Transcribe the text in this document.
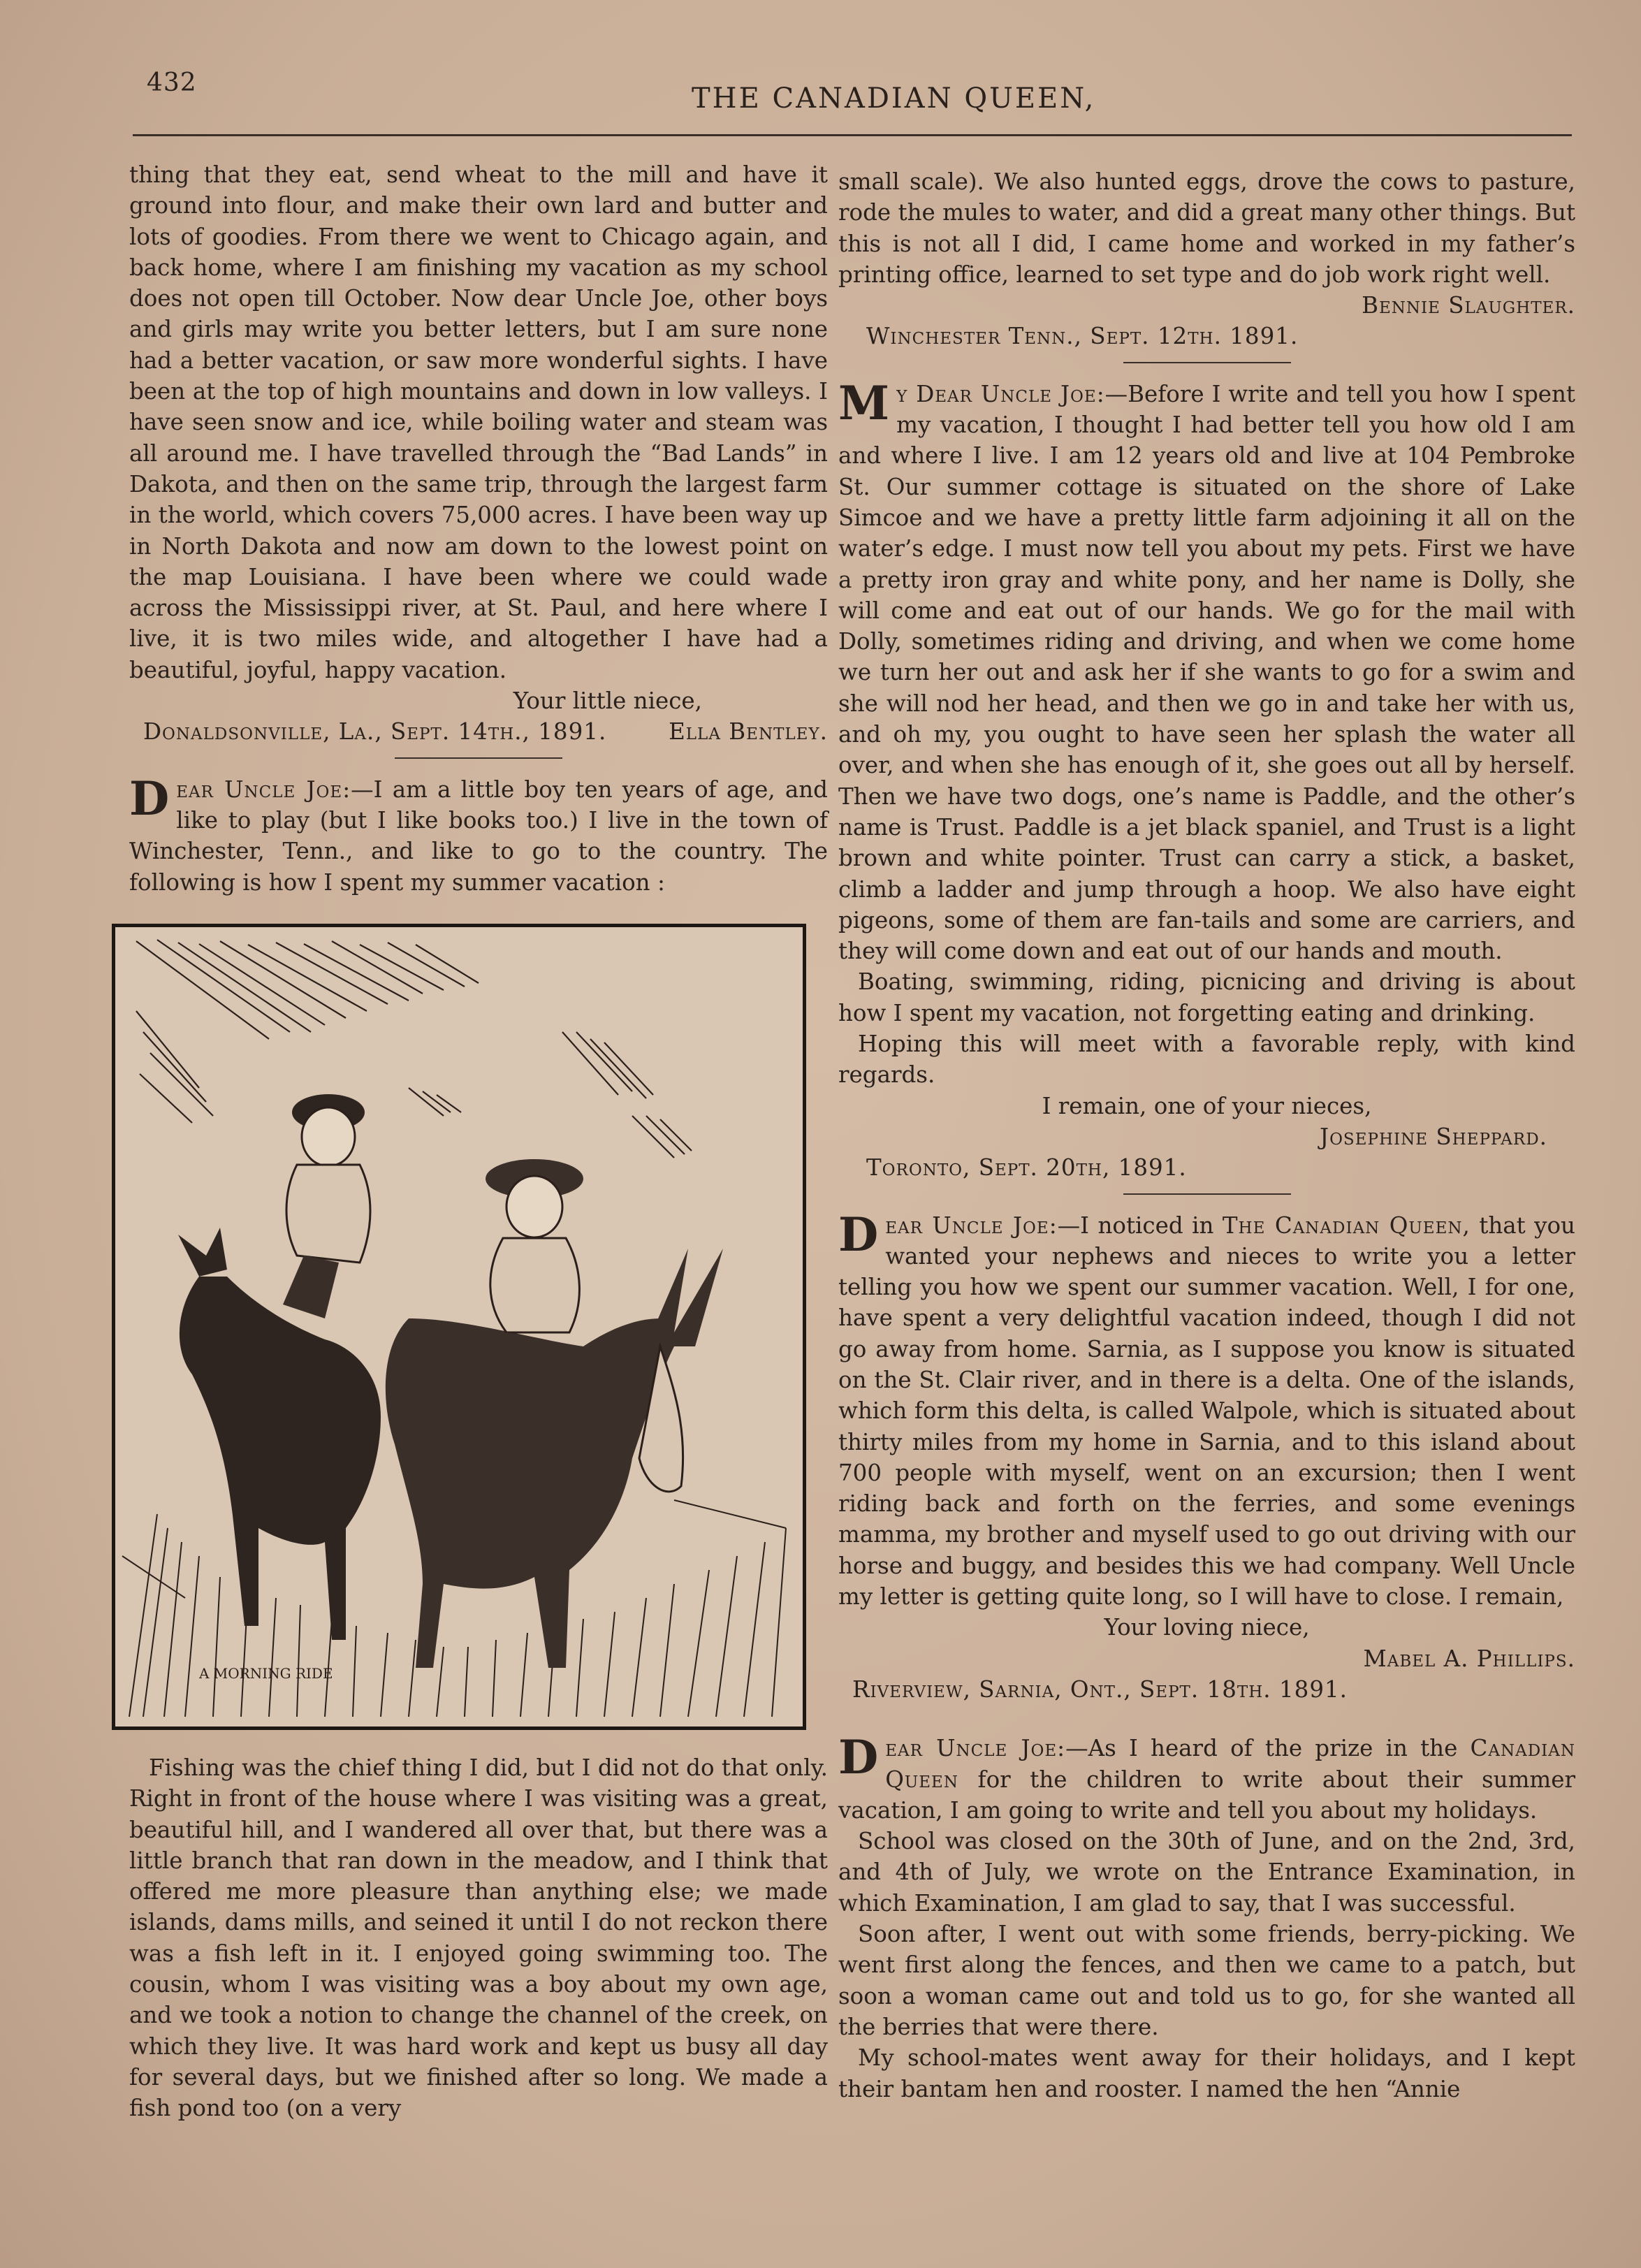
432	THE CANADIAN QUEEN,

thing that they eat, send wheat to the mill and have it ground into flour, and make their own lard and butter and lots of goodies. From there we went to Chicago again, and back home, where I am finishing my vacation as my school does not open till October. Now dear Uncle Joe, other boys and girls may write you better letters, but I am sure none had a better vacation, or saw more wonderful sights. I have been at the top of high mountains and down in low valleys. I have seen snow and ice, while boiling water and steam was all around me. I have travelled through the “Bad Lands” in Dakota, and then on the same trip, through the largest farm in the world, which covers 75,000 acres. I have been way up in North Dakota and now am down to the lowest point on the map Louisiana. I have been where we could wade across the Mississippi river, at St. Paul, and here where I live, it is two miles wide, and altogether I have had a beautiful, joyful, happy vacation.

Your little niece,

Donaldsonville, La., Sept. 14th., 1891.	Ella Bentley.

Dear Uncle Joe:—I am a little boy ten years of age, and like to play (but I like books too.) I live in the town of Winchester, Tenn., and like to go to the country. The following is how I spent my summer vacation :

A MORNING RIDE

Fishing was the chief thing I did, but I did not do that only. Right in front of the house where I was visiting was a great, beautiful hill, and I wandered all over that, but there was a little branch that ran down in the meadow, and I think that offered me more pleasure than anything else; we made islands, dams mills, and seined it until I do not reckon there was a fish left in it. I enjoyed going swimming too. The cousin, whom I was visiting was a boy about my own age, and we took a notion to change the channel of the creek, on which they live. It was hard work and kept us busy all day for several days, but we finished after so long. We made a fish pond too (on a very

small scale). We also hunted eggs, drove the cows to pasture, rode the mules to water, and did a great many other things. But this is not all I did, I came home and worked in my father’s printing office, learned to set type and do job work right well.

Bennie Slaughter.

Winchester Tenn., Sept. 12th. 1891.

My Dear Uncle Joe:—Before I write and tell you how I spent my vacation, I thought I had better tell you how old I am and where I live. I am 12 years old and live at 104 Pembroke St. Our summer cottage is situated on the shore of Lake Simcoe and we have a pretty little farm adjoining it all on the water’s edge. I must now tell you about my pets. First we have a pretty iron gray and white pony, and her name is Dolly, she will come and eat out of our hands. We go for the mail with Dolly, sometimes riding and driving, and when we come home we turn her out and ask her if she wants to go for a swim and she will nod her head, and then we go in and take her with us, and oh my, you ought to have seen her splash the water all over, and when she has enough of it, she goes out all by herself. Then we have two dogs, one’s name is Paddle, and the other’s name is Trust. Paddle is a jet black spaniel, and Trust is a light brown and white pointer. Trust can carry a stick, a basket, climb a ladder and jump through a hoop. We also have eight pigeons, some of them are fan-tails and some are carriers, and they will come down and eat out of our hands and mouth.

Boating, swimming, riding, picnicing and driving is about how I spent my vacation, not forgetting eating and drinking.

Hoping this will meet with a favorable reply, with kind regards.

I remain, one of your nieces,

Josephine Sheppard.

Toronto, Sept. 20th, 1891.

Dear Uncle Joe:—I noticed in The Canadian Queen, that you wanted your nephews and nieces to write you a letter telling you how we spent our summer vacation. Well, I for one, have spent a very delightful vacation indeed, though I did not go away from home. Sarnia, as I suppose you know is situated on the St. Clair river, and in there is a delta. One of the islands, which form this delta, is called Walpole, which is situated about thirty miles from my home in Sarnia, and to this island about 700 people with myself, went on an excursion; then I went riding back and forth on the ferries, and some evenings mamma, my brother and myself used to go out driving with our horse and buggy, and besides this we had company. Well Uncle my letter is getting quite long, so I will have to close. I remain,

Your loving niece,

Mabel A. Phillips.

Riverview, Sarnia, Ont., Sept. 18th. 1891.

Dear Uncle Joe:—As I heard of the prize in the Canadian Queen for the children to write about their summer vacation, I am going to write and tell you about my holidays.

School was closed on the 30th of June, and on the 2nd, 3rd, and 4th of July, we wrote on the Entrance Examination, in which Examination, I am glad to say, that I was successful.

Soon after, I went out with some friends, berry-picking. We went first along the fences, and then we came to a patch, but soon a woman came out and told us to go, for she wanted all the berries that were there.

My school-mates went away for their holidays, and I kept their bantam hen and rooster. I named the hen “Annie
